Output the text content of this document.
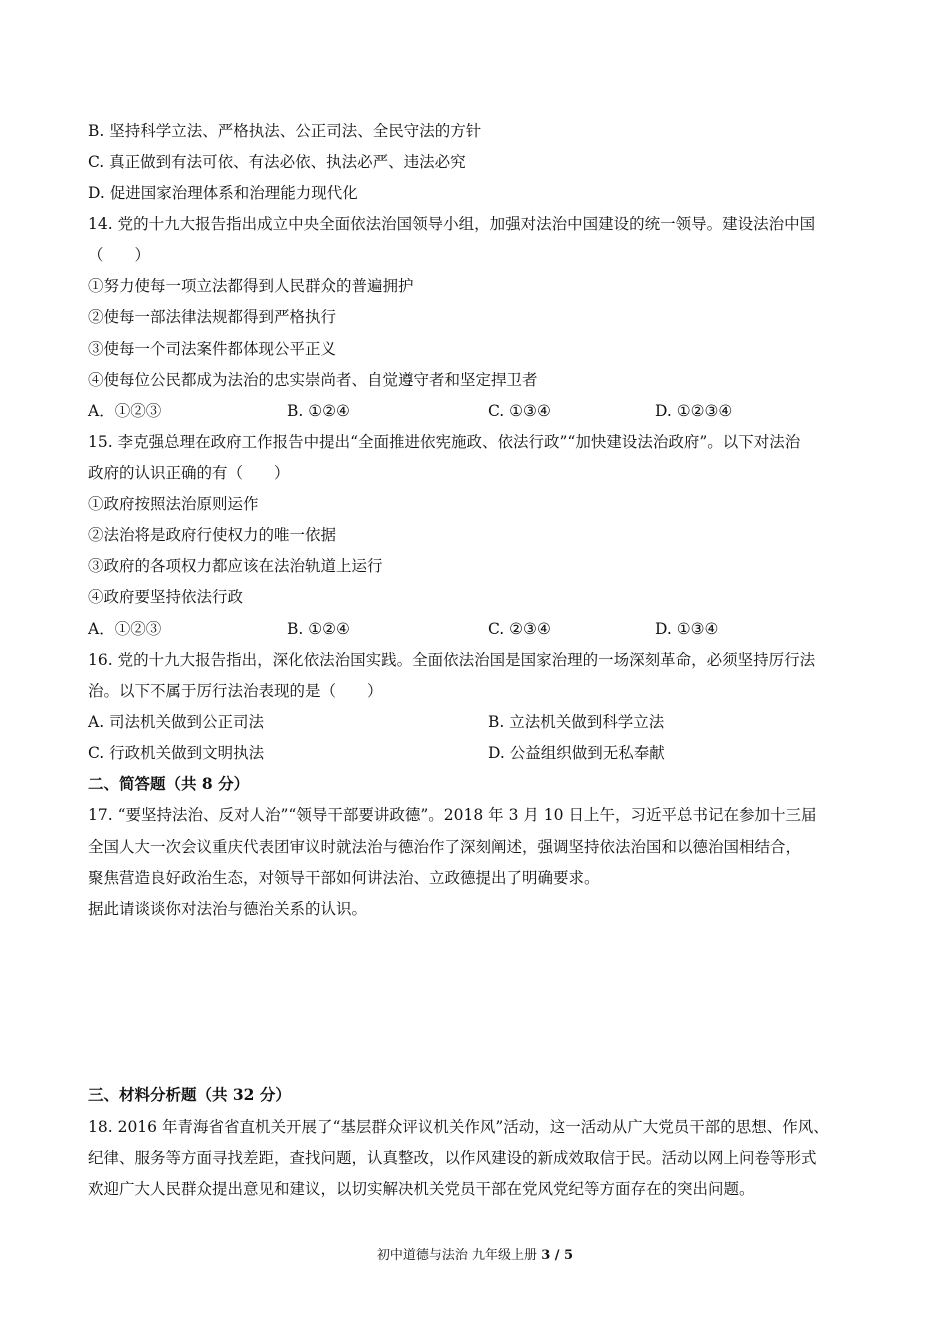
B. 坚持科学立法、严格执法、公正司法、全民守法的方针
C. 真正做到有法可依、有法必依、执法必严、违法必究
D. 促进国家治理体系和治理能力现代化
14. 党的十九大报告指出成立中央全面依法治国领导小组，加强对法治中国建设的统一领导。建设法治中国
（　　）
①努力使每一项立法都得到人民群众的普遍拥护
②使每一部法律法规都得到严格执行
③使每一个司法案件都体现公平正义
④使每位公民都成为法治的忠实崇尚者、自觉遵守者和坚定捍卫者
A．①②③	B. ①②④	C. ①③④	D. ①②③④
15. 李克强总理在政府工作报告中提出“全面推进依宪施政、依法行政”“加快建设法治政府”。以下对法治
政府的认识正确的有（　　）
①政府按照法治原则运作
②法治将是政府行使权力的唯一依据
③政府的各项权力都应该在法治轨道上运行
④政府要坚持依法行政
A．①②③	B. ①②④	C. ②③④	D. ①③④
16. 党的十九大报告指出，深化依法治国实践。全面依法治国是国家治理的一场深刻革命，必须坚持厉行法
治。以下不属于厉行法治表现的是（　　）
A. 司法机关做到公正司法	B. 立法机关做到科学立法
C. 行政机关做到文明执法	D. 公益组织做到无私奉献
二、简答题（共 8 分）
17. “要坚持法治、反对人治”“领导干部要讲政德”。2018 年 3 月 10 日上午，习近平总书记在参加十三届
全国人大一次会议重庆代表团审议时就法治与德治作了深刻阐述，强调坚持依法治国和以德治国相结合，
聚焦营造良好政治生态，对领导干部如何讲法治、立政德提出了明确要求。
据此请谈谈你对法治与德治关系的认识。
三、材料分析题（共 32 分）
18. 2016 年青海省省直机关开展了“基层群众评议机关作风”活动，这一活动从广大党员干部的思想、作风、
纪律、服务等方面寻找差距，查找问题，认真整改，以作风建设的新成效取信于民。活动以网上问卷等形式
欢迎广大人民群众提出意见和建议，以切实解决机关党员干部在党风党纪等方面存在的突出问题。
初中道德与法治 九年级上册 3 / 5
